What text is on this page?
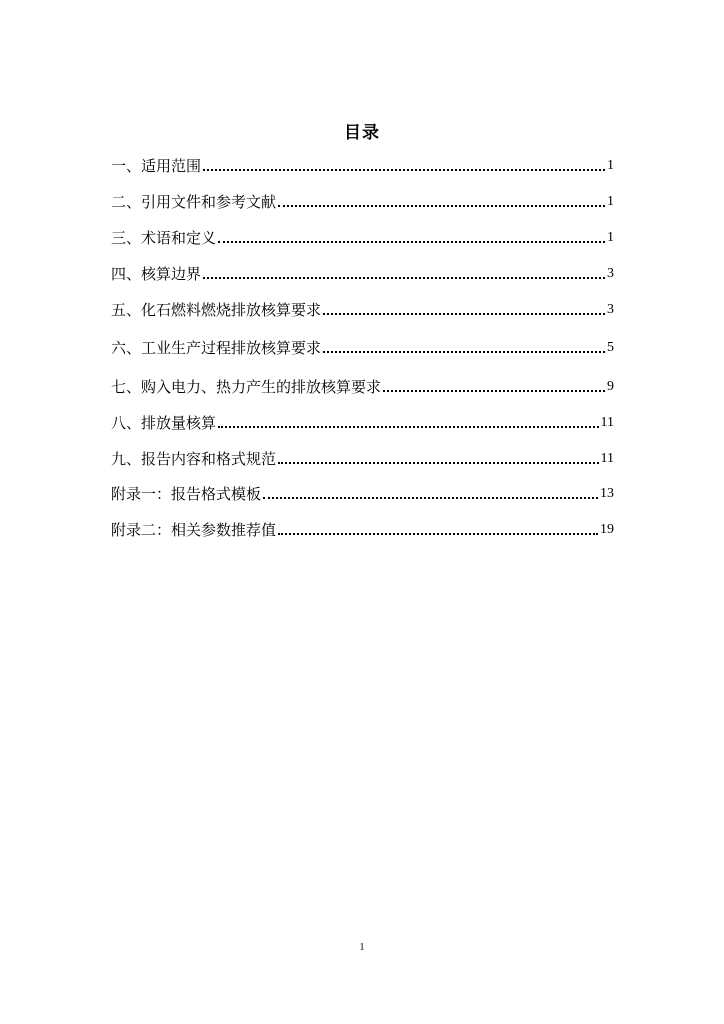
目录
一、适用范围	1
二、引用文件和参考文献	1
三、术语和定义	1
四、核算边界	3
五、化石燃料燃烧排放核算要求	3
六、工业生产过程排放核算要求	5
七、购入电力、热力产生的排放核算要求	9
八、排放量核算	11
九、报告内容和格式规范	11
附录一：报告格式模板	13
附录二：相关参数推荐值	19
1
